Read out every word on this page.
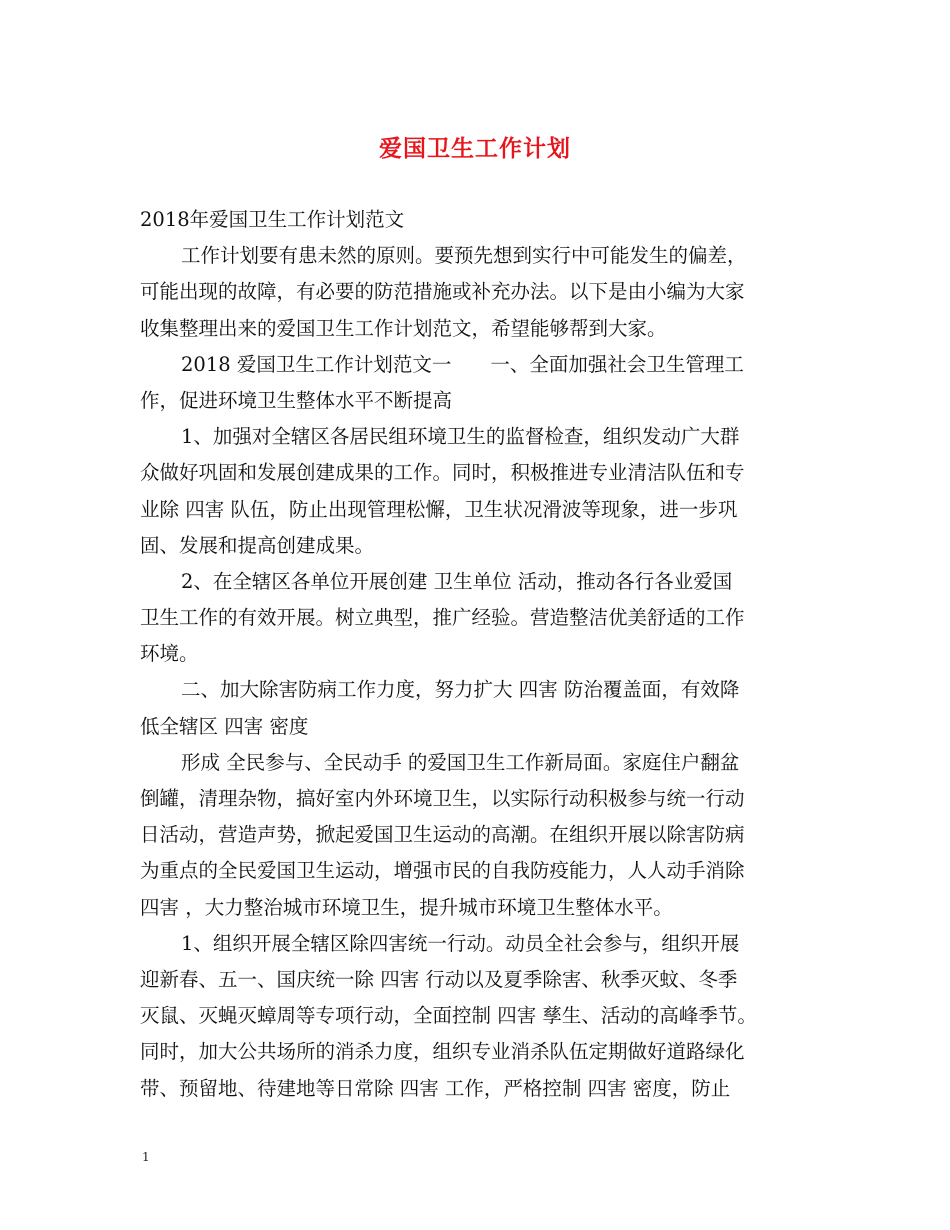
爱国卫生工作计划
2018年爱国卫生工作计划范文
工作计划要有患未然的原则。要预先想到实行中可能发生的偏差，
可能出现的故障，有必要的防范措施或补充办法。以下是由小编为大家
收集整理出来的爱国卫生工作计划范文，希望能够帮到大家。
2018 爱国卫生工作计划范文一　　一、全面加强社会卫生管理工
作，促进环境卫生整体水平不断提高
1、加强对全辖区各居民组环境卫生的监督检查，组织发动广大群
众做好巩固和发展创建成果的工作。同时，积极推进专业清洁队伍和专
业除 四害 队伍，防止出现管理松懈，卫生状况滑波等现象，进一步巩
固、发展和提高创建成果。
2、在全辖区各单位开展创建 卫生单位 活动，推动各行各业爱国
卫生工作的有效开展。树立典型，推广经验。营造整洁优美舒适的工作
环境。
二、加大除害防病工作力度，努力扩大 四害 防治覆盖面，有效降
低全辖区 四害 密度
形成 全民参与、全民动手 的爱国卫生工作新局面。家庭住户翻盆
倒罐，清理杂物，搞好室内外环境卫生，以实际行动积极参与统一行动
日活动，营造声势，掀起爱国卫生运动的高潮。在组织开展以除害防病
为重点的全民爱国卫生运动，增强市民的自我防疫能力，人人动手消除
四害 ，大力整治城市环境卫生，提升城市环境卫生整体水平。
1、组织开展全辖区除四害统一行动。动员全社会参与，组织开展
迎新春、五一、国庆统一除 四害 行动以及夏季除害、秋季灭蚊、冬季
灭鼠、灭蝇灭蟑周等专项行动，全面控制 四害 孳生、活动的高峰季节。
同时，加大公共场所的消杀力度，组织专业消杀队伍定期做好道路绿化
带、预留地、待建地等日常除 四害 工作，严格控制 四害 密度，防止
1
